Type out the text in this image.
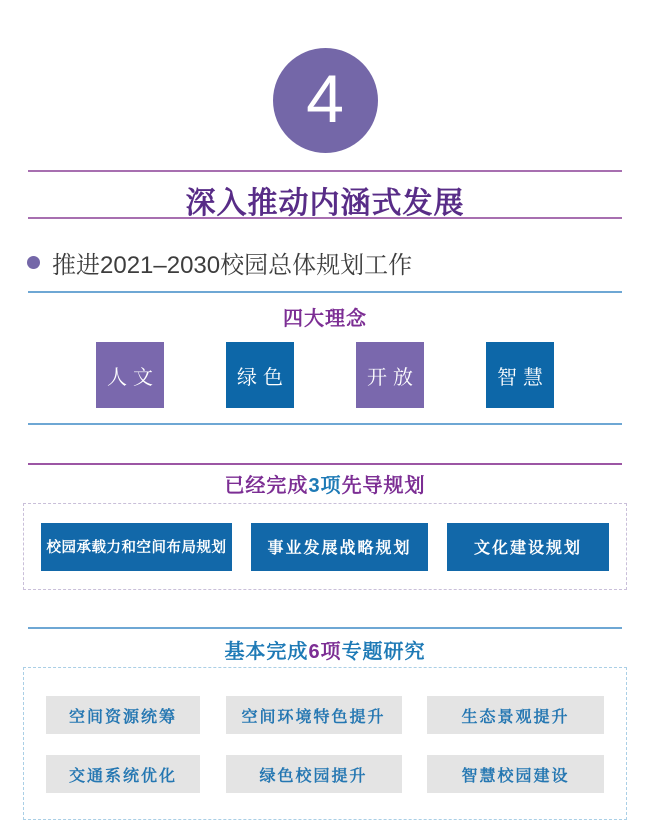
4
深入推动内涵式发展
推进2021–2030校园总体规划工作
四大理念
人文	绿色	开放	智慧
已经完成3项先导规划
校园承载力和空间布局规划	事业发展战略规划	文化建设规划
基本完成6项专题研究
空间资源统筹	空间环境特色提升	生态景观提升
交通系统优化	绿色校园提升	智慧校园建设
